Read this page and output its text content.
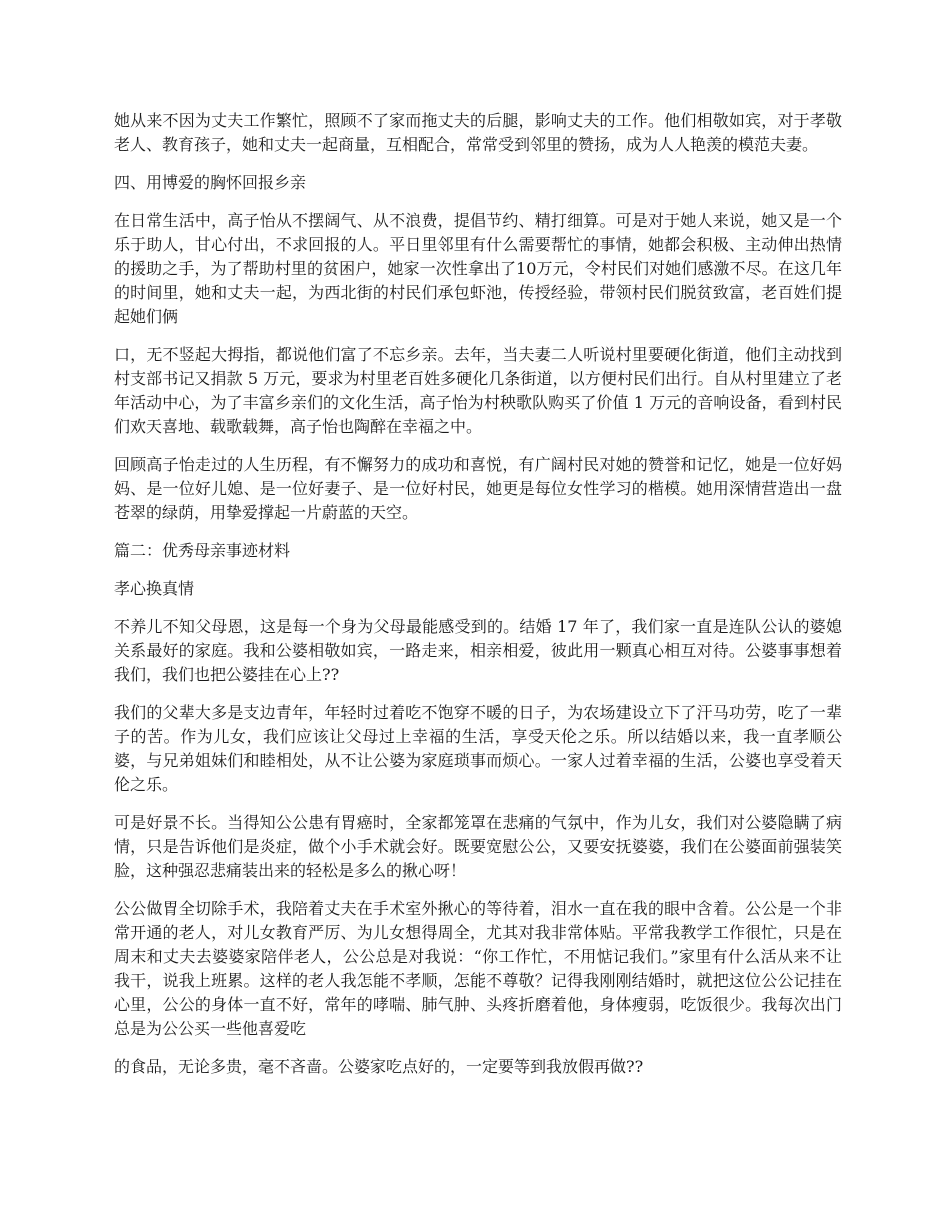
她从来不因为丈夫工作繁忙，照顾不了家而拖丈夫的后腿，影响丈夫的工作。他们相敬如宾，对于孝敬老人、教育孩子，她和丈夫一起商量，互相配合，常常受到邻里的赞扬，成为人人艳羡的模范夫妻。

四、用博爱的胸怀回报乡亲

在日常生活中，高子怡从不摆阔气、从不浪费，提倡节约、精打细算。可是对于她人来说，她又是一个乐于助人，甘心付出，不求回报的人。平日里邻里有什么需要帮忙的事情，她都会积极、主动伸出热情的援助之手，为了帮助村里的贫困户，她家一次性拿出了10万元，令村民们对她们感激不尽。在这几年的时间里，她和丈夫一起，为西北街的村民们承包虾池，传授经验，带领村民们脱贫致富，老百姓们提起她们俩

口，无不竖起大拇指，都说他们富了不忘乡亲。去年，当夫妻二人听说村里要硬化街道，他们主动找到村支部书记又捐款 5 万元，要求为村里老百姓多硬化几条街道，以方便村民们出行。自从村里建立了老年活动中心，为了丰富乡亲们的文化生活，高子怡为村秧歌队购买了价值 1 万元的音响设备，看到村民们欢天喜地、载歌载舞，高子怡也陶醉在幸福之中。

回顾高子怡走过的人生历程，有不懈努力的成功和喜悦，有广阔村民对她的赞誉和记忆，她是一位好妈妈、是一位好儿媳、是一位好妻子、是一位好村民，她更是每位女性学习的楷模。她用深情营造出一盘苍翠的绿荫，用挚爱撑起一片蔚蓝的天空。

篇二：优秀母亲事迹材料

孝心换真情

不养儿不知父母恩，这是每一个身为父母最能感受到的。结婚 17 年了，我们家一直是连队公认的婆媳关系最好的家庭。我和公婆相敬如宾，一路走来，相亲相爱，彼此用一颗真心相互对待。公婆事事想着我们，我们也把公婆挂在心上??

我们的父辈大多是支边青年，年轻时过着吃不饱穿不暖的日子，为农场建设立下了汗马功劳，吃了一辈子的苦。作为儿女，我们应该让父母过上幸福的生活，享受天伦之乐。所以结婚以来，我一直孝顺公婆，与兄弟姐妹们和睦相处，从不让公婆为家庭琐事而烦心。一家人过着幸福的生活，公婆也享受着天伦之乐。

可是好景不长。当得知公公患有胃癌时，全家都笼罩在悲痛的气氛中，作为儿女，我们对公婆隐瞒了病情，只是告诉他们是炎症，做个小手术就会好。既要宽慰公公，又要安抚婆婆，我们在公婆面前强装笑脸，这种强忍悲痛装出来的轻松是多么的揪心呀！

公公做胃全切除手术，我陪着丈夫在手术室外揪心的等待着，泪水一直在我的眼中含着。公公是一个非常开通的老人，对儿女教育严厉、为儿女想得周全，尤其对我非常体贴。平常我教学工作很忙，只是在周末和丈夫去婆婆家陪伴老人，公公总是对我说：“你工作忙，不用惦记我们。”家里有什么活从来不让我干，说我上班累。这样的老人我怎能不孝顺，怎能不尊敬？记得我刚刚结婚时，就把这位公公记挂在心里，公公的身体一直不好，常年的哮喘、肺气肿、头疼折磨着他，身体瘦弱，吃饭很少。我每次出门总是为公公买一些他喜爱吃

的食品，无论多贵，毫不吝啬。公婆家吃点好的，一定要等到我放假再做??
